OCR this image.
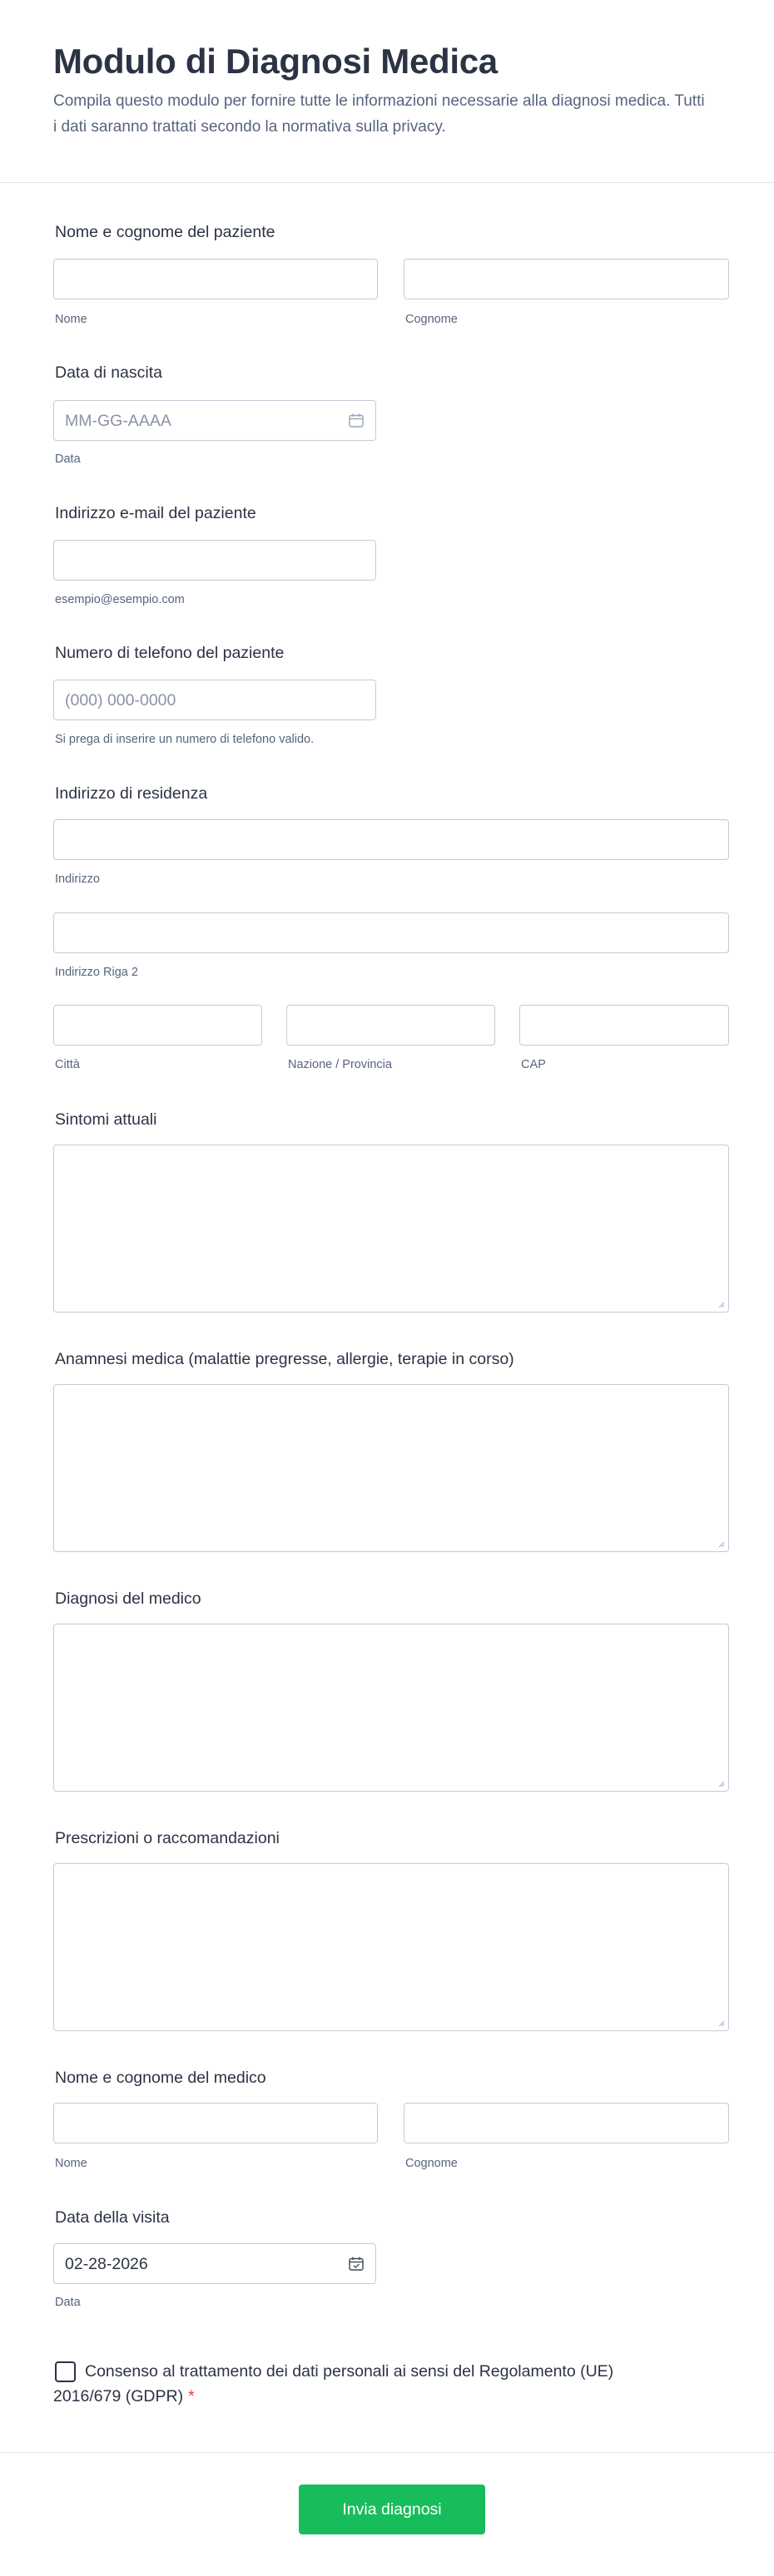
Modulo di Diagnosi Medica

Compila questo modulo per fornire tutte le informazioni necessarie alla diagnosi medica. Tutti i dati saranno trattati secondo la normativa sulla privacy.

Nome e cognome del paziente
Nome	Cognome
Data di nascita
MM-GG-AAAA
Data
Indirizzo e-mail del paziente
esempio@esempio.com
Numero di telefono del paziente
(000) 000-0000
Si prega di inserire un numero di telefono valido.
Indirizzo di residenza
Indirizzo
Indirizzo Riga 2
Città	Nazione / Provincia	CAP
Sintomi attuali
Anamnesi medica (malattie pregresse, allergie, terapie in corso)
Diagnosi del medico
Prescrizioni o raccomandazioni
Nome e cognome del medico
Nome	Cognome
Data della visita
02-28-2026
Data
Consenso al trattamento dei dati personali ai sensi del Regolamento (UE) 2016/679 (GDPR) *
Invia diagnosi
